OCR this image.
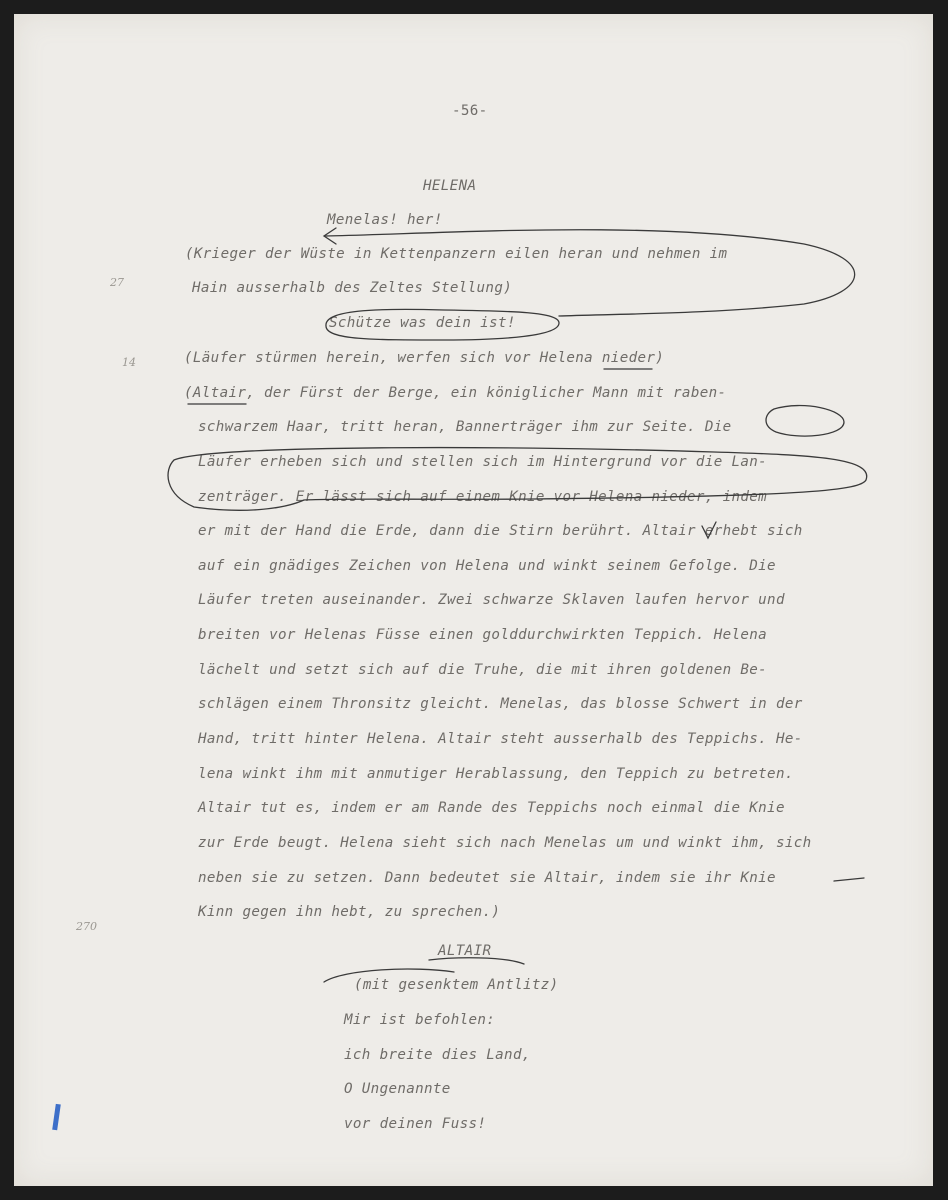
-56-

27

14

270

HELENA

Menelas! her!

(Krieger der Wüste in Kettenpanzern eilen heran und nehmen im

Hain ausserhalb des Zeltes Stellung)

Schütze was dein ist!

(Läufer stürmen herein, werfen sich vor Helena nieder)

(Altair, der Fürst der Berge, ein königlicher Mann mit raben-

schwarzem Haar, tritt heran, Bannerträger ihm zur Seite. Die

Läufer erheben sich und stellen sich im Hintergrund vor die Lan-

zenträger. Er lässt sich auf einem Knie vor Helena nieder, indem

er mit der Hand die Erde, dann die Stirn berührt. Altair erhebt sich

auf ein gnädiges Zeichen von Helena und winkt seinem Gefolge. Die

Läufer treten auseinander. Zwei schwarze Sklaven laufen hervor und

breiten vor Helenas Füsse einen golddurchwirkten Teppich. Helena

lächelt und setzt sich auf die Truhe, die mit ihren goldenen Be-

schlägen einem Thronsitz gleicht. Menelas, das blosse Schwert in der

Hand, tritt hinter Helena. Altair steht ausserhalb des Teppichs. He-

lena winkt ihm mit anmutiger Herablassung, den Teppich zu betreten.

Altair tut es, indem er am Rande des Teppichs noch einmal die Knie

zur Erde beugt. Helena sieht sich nach Menelas um und winkt ihm, sich

neben sie zu setzen. Dann bedeutet sie Altair, indem sie ihr Knie

Kinn gegen ihn hebt, zu sprechen.)

ALTAIR

(mit gesenktem Antlitz)

Mir ist befohlen:

ich breite dies Land,

O Ungenannte

vor deinen Fuss!
